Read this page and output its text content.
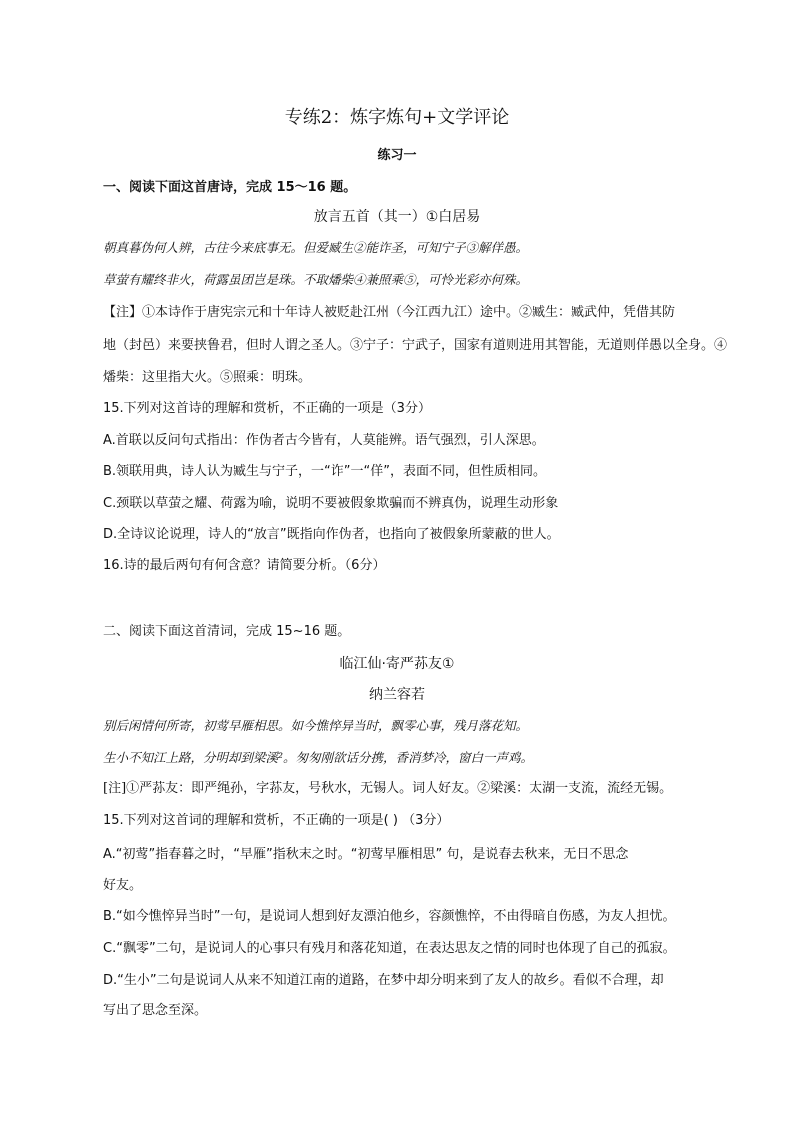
专练2：炼字炼句+文学评论
练习一
一、阅读下面这首唐诗，完成 15～16 题。
放言五首（其一）①白居易
朝真暮伪何人辨，古往今来底事无。但爱臧生②能诈圣，可知宁子③解佯愚。
草萤有耀终非火，荷露虽团岂是珠。不取燔柴④兼照乘⑤，可怜光彩亦何殊。
【注】①本诗作于唐宪宗元和十年诗人被贬赴江州（今江西九江）途中。②臧生：臧武仲，凭借其防
地（封邑）来要挟鲁君，但时人谓之圣人。③宁子：宁武子，国家有道则进用其智能，无道则佯愚以全身。④
燔柴：这里指大火。⑤照乘：明珠。
15.下列对这首诗的理解和赏析，不正确的一项是（3分）
A.首联以反问句式指出：作伪者古今皆有，人莫能辨。语气强烈，引人深思。
B.领联用典，诗人认为臧生与宁子，一“诈”一“佯”，表面不同，但性质相同。
C.颈联以草萤之耀、荷露为喻，说明不要被假象欺骗而不辨真伪，说理生动形象
D.全诗议论说理，诗人的“放言”既指向作伪者，也指向了被假象所蒙蔽的世人。
16.诗的最后两句有何含意？请简要分析。（6分）
二、阅读下面这首清词，完成 15~16 题。
临江仙·寄严荪友①
纳兰容若
别后闲情何所寄，初莺早雁相思。如今憔悴异当时，飘零心事，残月落花知。
生小不知江上路，分明却到梁溪²。匆匆刚欲话分携，香消梦冷，窗白一声鸡。
[注]①严荪友：即严绳孙，字荪友，号秋水，无锡人。词人好友。②梁溪：太湖一支流，流经无锡。
15.下列对这首词的理解和赏析，不正确的一项是( ) （3分）
A.“初莺”指春暮之时，“早雁”指秋末之时。“初莺早雁相思” 句，是说春去秋来，无日不思念
好友。
B.“如今憔悴异当时”一句，是说词人想到好友漂泊他乡，容颜憔悴，不由得暗自伤感，为友人担忧。
C.“飘零”二句，是说词人的心事只有残月和落花知道，在表达思友之情的同时也体现了自己的孤寂。
D.“生小”二句是说词人从来不知道江南的道路，在梦中却分明来到了友人的故乡。看似不合理，却
写出了思念至深。
